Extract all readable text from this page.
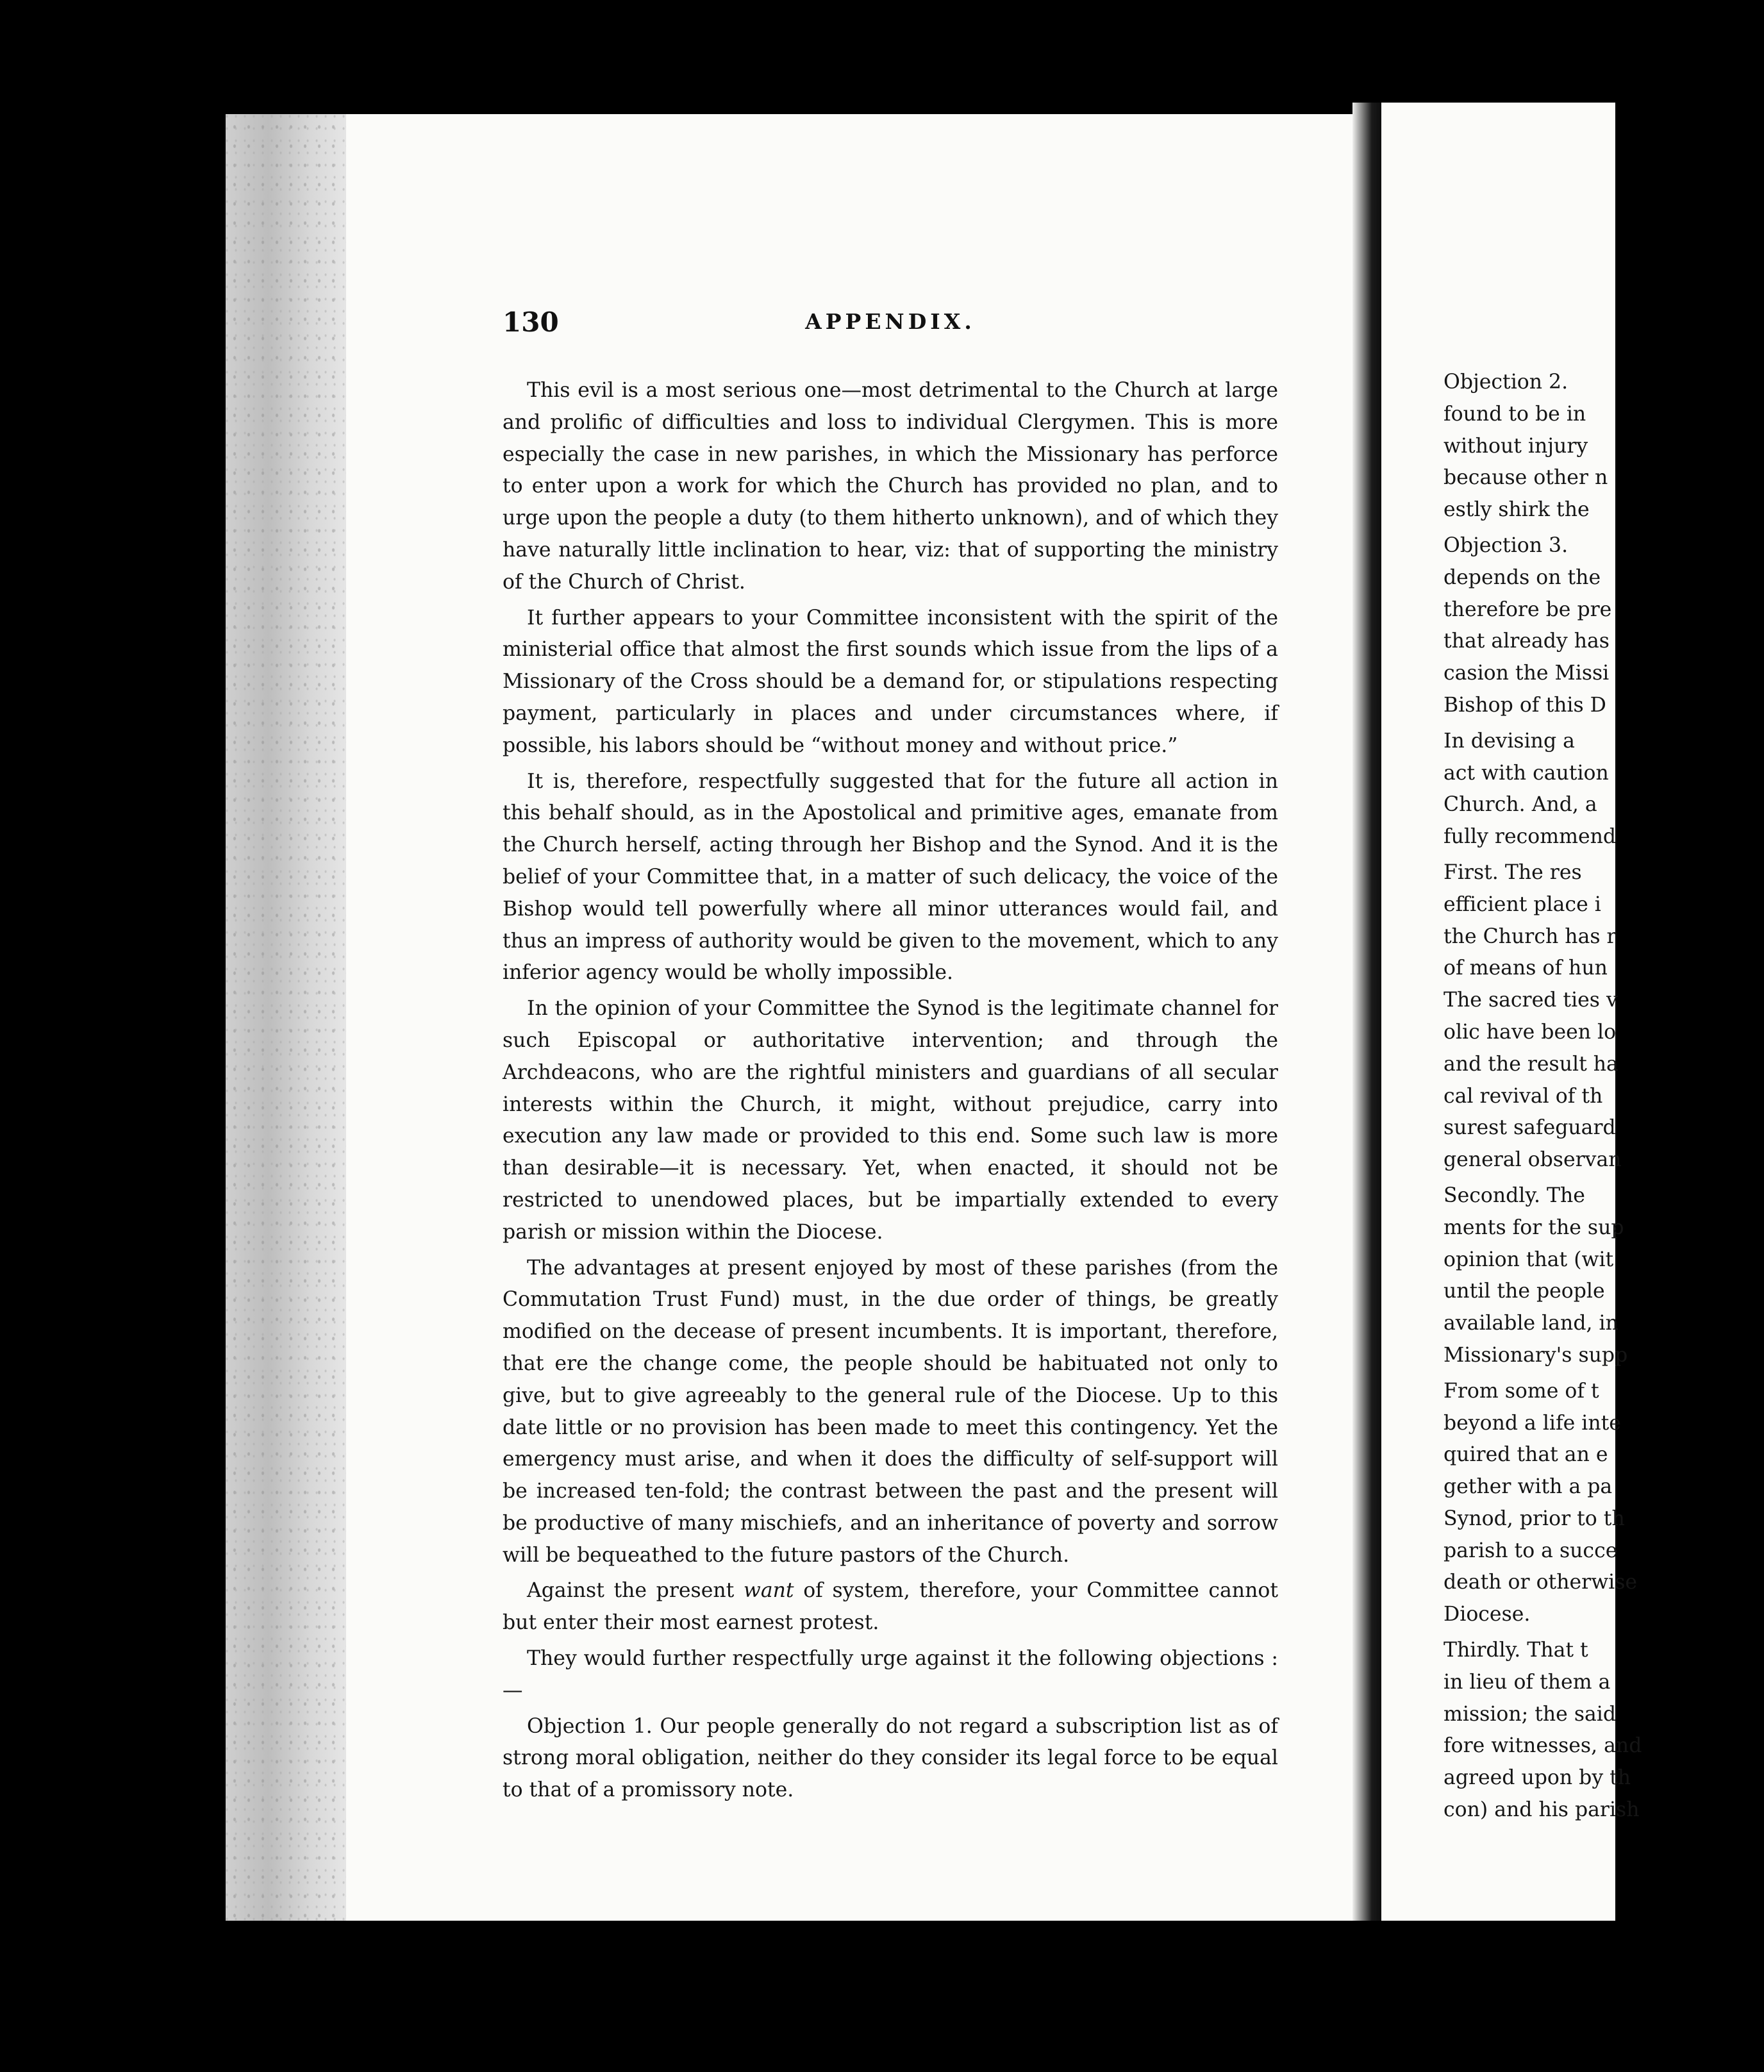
130	APPENDIX.

This evil is a most serious one—most detrimental to the Church at large and prolific of difficulties and loss to individual Clergymen. This is more especially the case in new parishes, in which the Missionary has perforce to enter upon a work for which the Church has provided no plan, and to urge upon the people a duty (to them hitherto unknown), and of which they have naturally little inclination to hear, viz: that of supporting the ministry of the Church of Christ.

It further appears to your Committee inconsistent with the spirit of the ministerial office that almost the first sounds which issue from the lips of a Missionary of the Cross should be a demand for, or stipulations respecting payment, particularly in places and under circumstances where, if possible, his labors should be “without money and without price.”

It is, therefore, respectfully suggested that for the future all action in this behalf should, as in the Apostolical and primitive ages, emanate from the Church herself, acting through her Bishop and the Synod. And it is the belief of your Committee that, in a matter of such delicacy, the voice of the Bishop would tell powerfully where all minor utterances would fail, and thus an impress of authority would be given to the movement, which to any inferior agency would be wholly impossible.

In the opinion of your Committee the Synod is the legitimate channel for such Episcopal or authoritative intervention; and through the Archdeacons, who are the rightful ministers and guardians of all secular interests within the Church, it might, without prejudice, carry into execution any law made or provided to this end. Some such law is more than desirable—it is necessary. Yet, when enacted, it should not be restricted to unendowed places, but be impartially extended to every parish or mission within the Diocese.

The advantages at present enjoyed by most of these parishes (from the Commutation Trust Fund) must, in the due order of things, be greatly modified on the decease of present incumbents. It is important, therefore, that ere the change come, the people should be habituated not only to give, but to give agreeably to the general rule of the Diocese. Up to this date little or no provision has been made to meet this contingency. Yet the emergency must arise, and when it does the difficulty of self-support will be increased ten-fold; the contrast between the past and the present will be productive of many mischiefs, and an inheritance of poverty and sorrow will be bequeathed to the future pastors of the Church.

Against the present want of system, therefore, your Committee cannot but enter their most earnest protest.

They would further respectfully urge against it the following objections :—

Objection 1. Our people generally do not regard a subscription list as of strong moral obligation, neither do they consider its legal force to be equal to that of a promissory note.

Objection 2.
found to be in
without injury
because other n
estly shirk the
Objection 3.
depends on the
therefore be pre
that already has
casion the Missi
Bishop of this D
In devising a
act with caution
Church. And, a
fully recommend
First. The res
efficient place i
the Church has r
of means of hun
The sacred ties v
olic have been lo
and the result ha
cal revival of th
surest safeguard
general observan
Secondly. The
ments for the sup
opinion that (wit
until the people
available land, in
Missionary's supp
From some of t
beyond a life inte
quired that an e
gether with a pa
Synod, prior to th
parish to a succe
death or otherwise
Diocese.
Thirdly. That t
in lieu of them a
mission; the said
fore witnesses, and
agreed upon by th
con) and his parish
